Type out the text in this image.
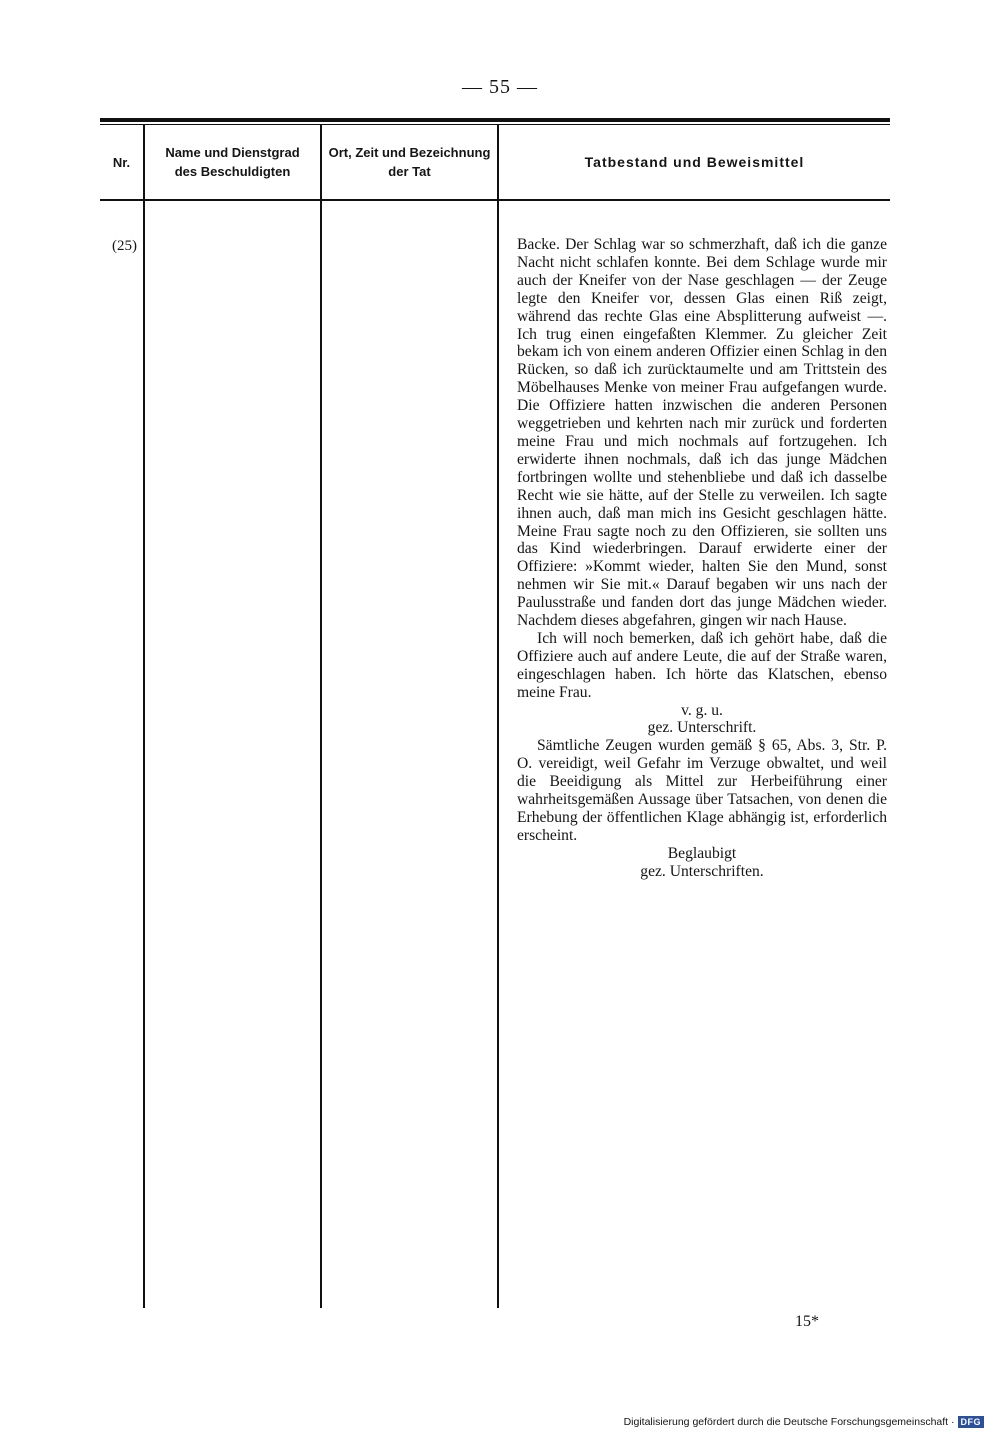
— 55 —
Nr.
Name und Dienstgrad
des Beschuldigten
Ort, Zeit und Bezeichnung
der Tat
Tatbestand und Beweismittel
(25)	Backe. Der Schlag war so schmerzhaft, daß ich die ganze Nacht nicht schlafen konnte. Bei dem Schlage wurde mir auch der Kneifer von der Nase geschlagen — der Zeuge legte den Kneifer vor, dessen Glas einen Riß zeigt, während das rechte Glas eine Absplitterung aufweist —. Ich trug einen eingefaßten Klemmer. Zu gleicher Zeit bekam ich von einem anderen Offizier einen Schlag in den Rücken, so daß ich zurücktaumelte und am Trittstein des Möbelhauses Menke von meiner Frau aufgefangen wurde. Die Offiziere hatten inzwischen die anderen Personen weggetrieben und kehrten nach mir zurück und forderten meine Frau und mich nochmals auf fortzugehen. Ich erwiderte ihnen nochmals, daß ich das junge Mädchen fortbringen wollte und stehenbliebe und daß ich dasselbe Recht wie sie hätte, auf der Stelle zu verweilen. Ich sagte ihnen auch, daß man mich ins Gesicht geschlagen hätte. Meine Frau sagte noch zu den Offizieren, sie sollten uns das Kind wiederbringen. Darauf erwiderte einer der Offiziere: »Kommt wieder, halten Sie den Mund, sonst nehmen wir Sie mit.« Darauf begaben wir uns nach der Paulusstraße und fanden dort das junge Mädchen wieder. Nachdem dieses abgefahren, gingen wir nach Hause.

Ich will noch bemerken, daß ich gehört habe, daß die Offiziere auch auf andere Leute, die auf der Straße waren, eingeschlagen haben. Ich hörte das Klatschen, ebenso meine Frau.

v. g. u.

gez. Unterschrift.

Sämtliche Zeugen wurden gemäß § 65, Abs. 3, Str. P. O. vereidigt, weil Gefahr im Verzuge obwaltet, und weil die Beeidigung als Mittel zur Herbeiführung einer wahrheitsgemäßen Aussage über Tatsachen, von denen die Erhebung der öffentlichen Klage abhängig ist, erforderlich erscheint.

Beglaubigt

gez. Unterschriften.

15*
Digitalisierung gefördert durch die Deutsche Forschungsgemeinschaft · DFG
